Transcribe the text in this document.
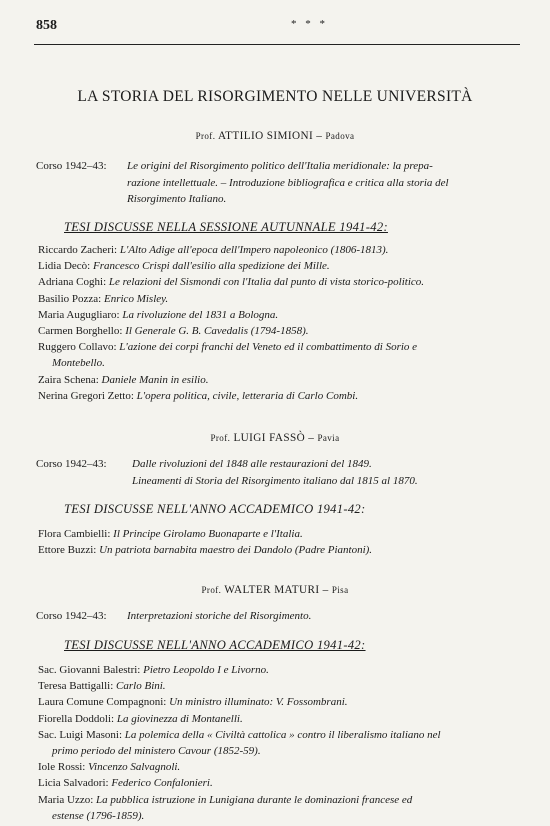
858	* * *
LA STORIA DEL RISORGIMENTO NELLE UNIVERSITÀ
Prof. ATTILIO SIMIONI – Padova
Corso 1942–43: Le origini del Risorgimento politico dell'Italia meridionale: la prepa-
razione intellettuale. – Introduzione bibliografica e critica alla storia del
Risorgimento Italiano.
TESI DISCUSSE NELLA SESSIONE AUTUNNALE 1941-42:
Riccardo Zacheri: L'Alto Adige all'epoca dell'Impero napoleonico (1806-1813).
Lidia Decò: Francesco Crispi dall'esilio alla spedizione dei Mille.
Adriana Coghi: Le relazioni del Sismondi con l'Italia dal punto di vista storico-politico.
Basilio Pozza: Enrico Misley.
Maria Augugliaro: La rivoluzione del 1831 a Bologna.
Carmen Borghello: Il Generale G. B. Cavedalis (1794-1858).
Ruggero Collavo: L'azione dei corpi franchi del Veneto ed il combattimento di Sorio e
Montebello.
Zaira Schena: Daniele Manin in esilio.
Nerina Gregori Zetto: L'opera politica, civile, letteraria di Carlo Combi.
Prof. LUIGI FASSÒ – Pavia
Corso 1942–43: Dalle rivoluzioni del 1848 alle restaurazioni del 1849.
Lineamenti di Storia del Risorgimento italiano dal 1815 al 1870.
TESI DISCUSSE NELL'ANNO ACCADEMICO 1941-42:
Flora Cambielli: Il Principe Girolamo Buonaparte e l'Italia.
Ettore Buzzi: Un patriota barnabita maestro dei Dandolo (Padre Piantoni).
Prof. WALTER MATURI – Pisa
Corso 1942–43: Interpretazioni storiche del Risorgimento.
TESI DISCUSSE NELL'ANNO ACCADEMICO 1941-42:
Sac. Giovanni Balestri: Pietro Leopoldo I e Livorno.
Teresa Battigalli: Carlo Bini.
Laura Comune Compagnoni: Un ministro illuminato: V. Fossombrani.
Fiorella Doddoli: La giovinezza di Montanelli.
Sac. Luigi Masoni: La polemica della « Civiltà cattolica » contro il liberalismo italiano nel
primo periodo del ministero Cavour (1852-59).
Iole Rossi: Vincenzo Salvagnoli.
Licia Salvadori: Federico Confalonieri.
Maria Uzzo: La pubblica istruzione in Lunigiana durante le dominazioni francese ed
estense (1796-1859).
